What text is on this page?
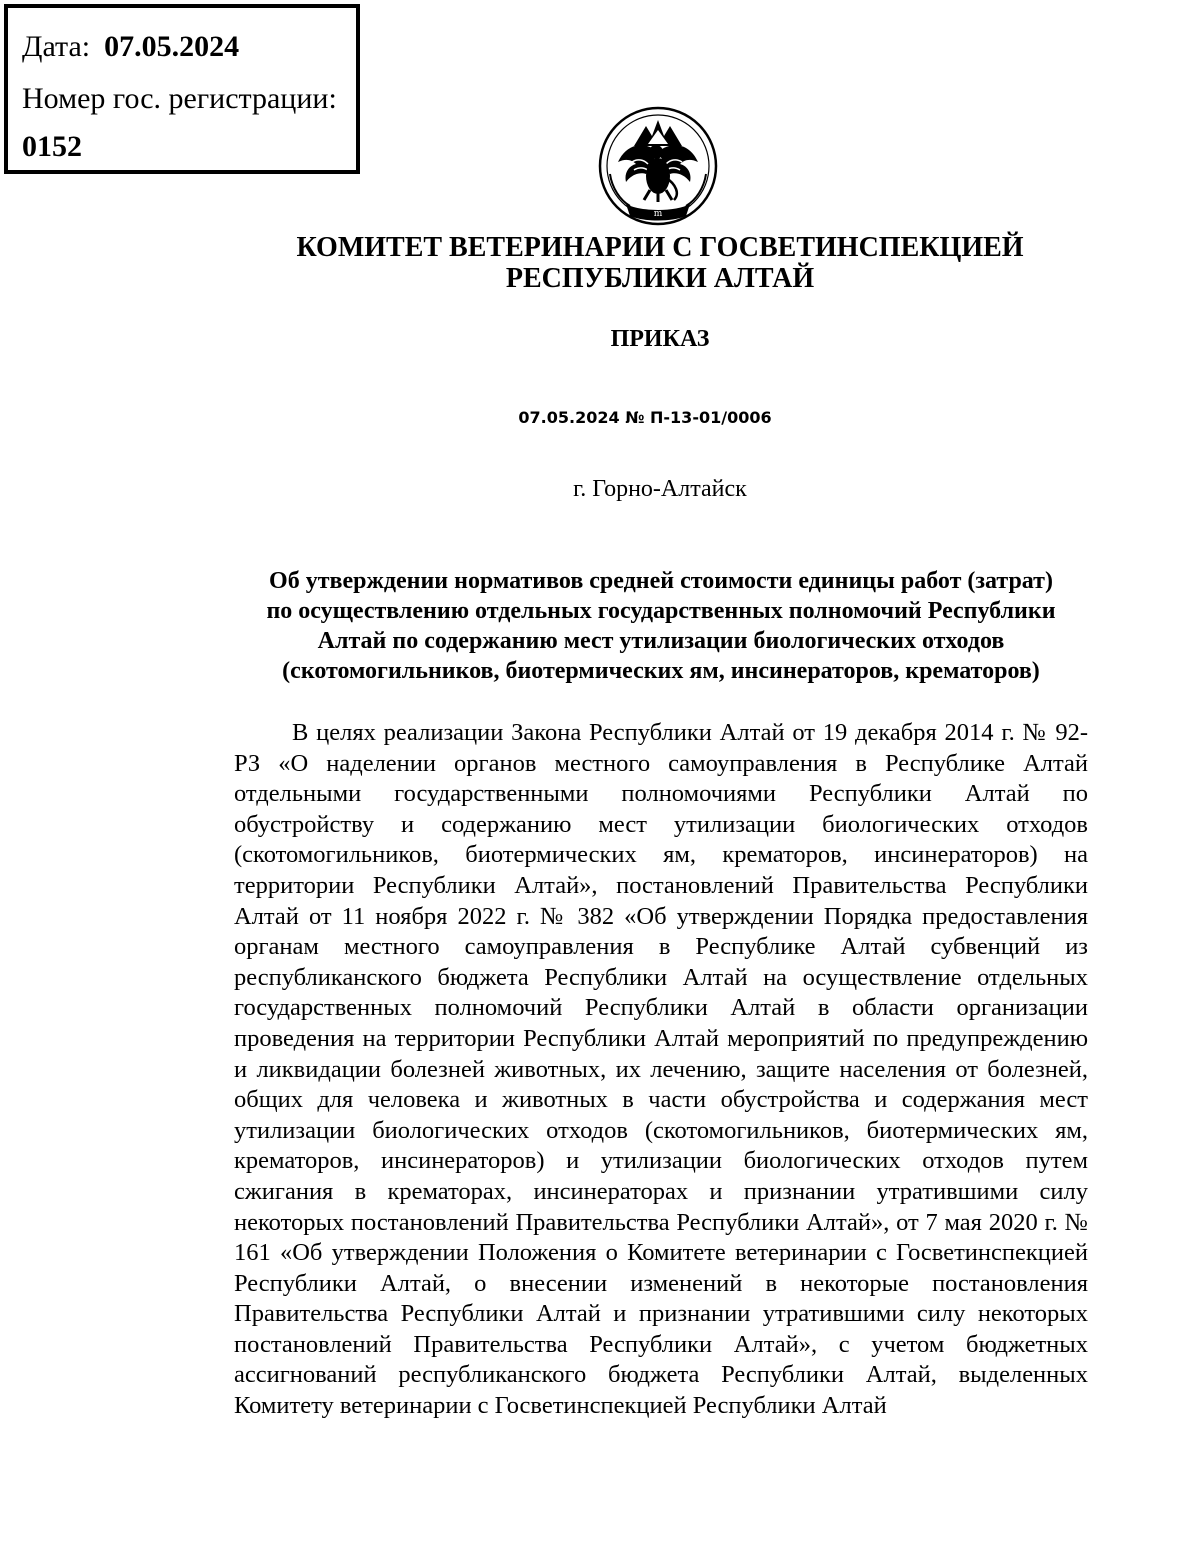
Дата: 07.05.2024
Номер гос. регистрации:
0152
m
КОМИТЕТ ВЕТЕРИНАРИИ С ГОСВЕТИНСПЕКЦИЕЙ
РЕСПУБЛИКИ АЛТАЙ
ПРИКАЗ
07.05.2024 № П-13-01/0006
г. Горно-Алтайск
Об утверждении нормативов средней стоимости единицы работ (затрат)
по осуществлению отдельных государственных полномочий Республики
Алтай по содержанию мест утилизации биологических отходов
(скотомогильников, биотермических ям, инсинераторов, крематоров)

В целях реализации Закона Республики Алтай от 19 декабря 2014 г. № 92-РЗ «О наделении органов местного самоуправления в Республике Алтай отдельными государственными полномочиями Республики Алтай по обустройству и содержанию мест утилизации биологических отходов (скотомогильников, биотермических ям, крематоров, инсинераторов) на территории Республики Алтай», постановлений Правительства Республики Алтай от 11 ноября 2022 г. № 382 «Об утверждении Порядка предоставления органам местного самоуправления в Республике Алтай субвенций из республиканского бюджета Республики Алтай на осуществление отдельных государственных полномочий Республики Алтай в области организации проведения на территории Республики Алтай мероприятий по предупреждению и ликвидации болезней животных, их лечению, защите населения от болезней, общих для человека и животных в части обустройства и содержания мест утилизации биологических отходов (скотомогильников, биотермических ям, крематоров, инсинераторов) и утилизации биологических отходов путем сжигания в крематорах, инсинераторах и признании утратившими силу некоторых постановлений Правительства Республики Алтай», от 7 мая 2020 г. № 161 «Об утверждении Положения о Комитете ветеринарии с Госветинспекцией Республики Алтай, о внесении изменений в некоторые постановления Правительства Республики Алтай и признании утратившими силу некоторых постановлений Правительства Республики Алтай», с учетом бюджетных ассигнований республиканского бюджета Республики Алтай, выделенных Комитету ветеринарии с Госветинспекцией Республики Алтай
